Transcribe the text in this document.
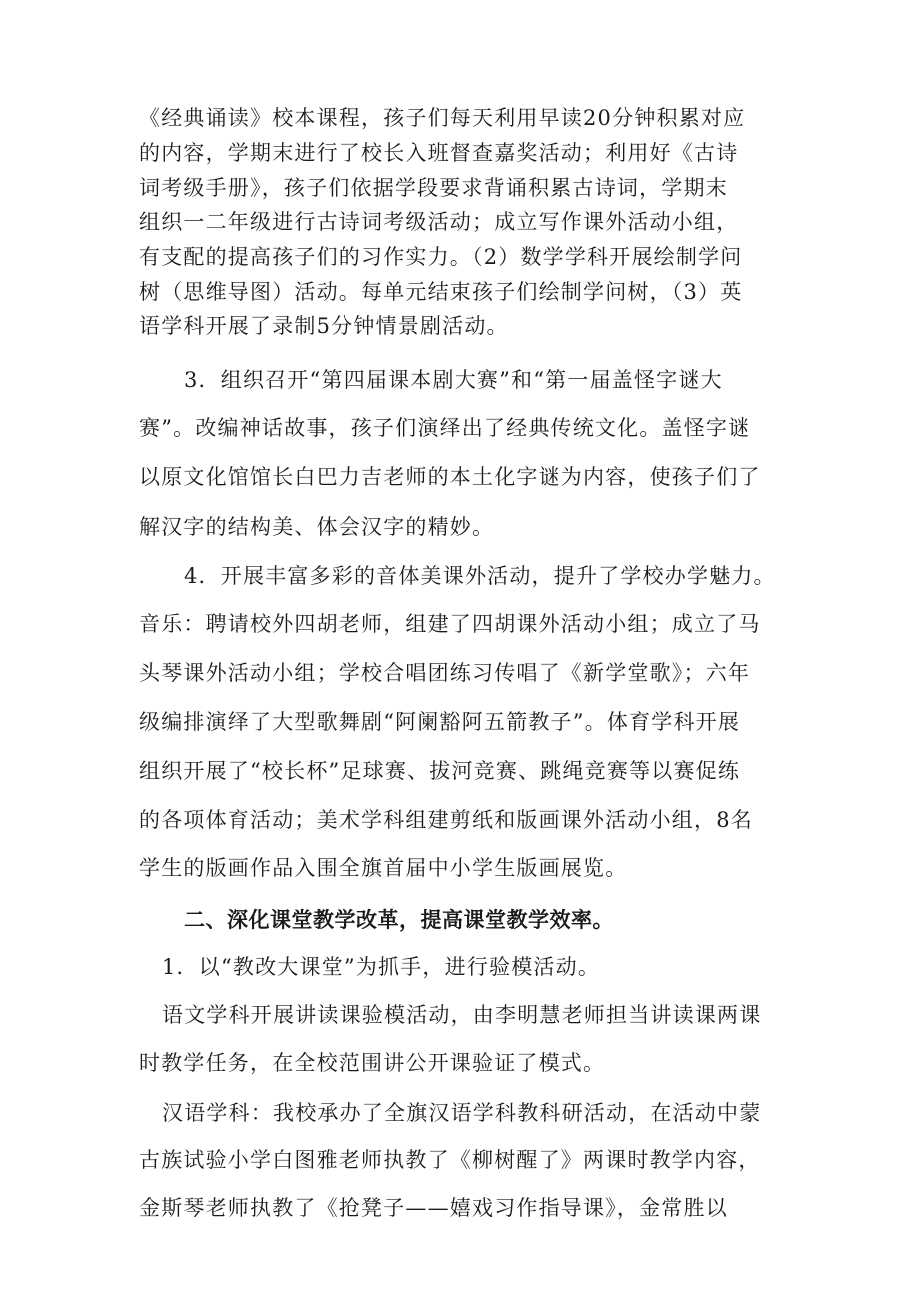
《经典诵读》校本课程，孩子们每天利用早读20分钟积累对应
的内容，学期末进行了校长入班督查嘉奖活动；利用好《古诗
词考级手册》，孩子们依据学段要求背诵积累古诗词，学期末
组织一二年级进行古诗词考级活动；成立写作课外活动小组，
有支配的提高孩子们的习作实力。（2）数学学科开展绘制学问
树（思维导图）活动。每单元结束孩子们绘制学问树，（3）英
语学科开展了录制5分钟情景剧活动。
3．组织召开“第四届课本剧大赛”和“第一届盖怪字谜大
赛”。改编神话故事，孩子们演绎出了经典传统文化。盖怪字谜
以原文化馆馆长白巴力吉老师的本土化字谜为内容，使孩子们了
解汉字的结构美、体会汉字的精妙。
4．开展丰富多彩的音体美课外活动，提升了学校办学魅力。
音乐：聘请校外四胡老师，组建了四胡课外活动小组；成立了马
头琴课外活动小组；学校合唱团练习传唱了《新学堂歌》；六年
级编排演绎了大型歌舞剧“阿阑豁阿五箭教子”。体育学科开展
组织开展了“校长杯”足球赛、拔河竞赛、跳绳竞赛等以赛促练
的各项体育活动；美术学科组建剪纸和版画课外活动小组，8名
学生的版画作品入围全旗首届中小学生版画展览。
二、深化课堂教学改革，提高课堂教学效率。
1．以“教改大课堂”为抓手，进行验模活动。
语文学科开展讲读课验模活动，由李明慧老师担当讲读课两课
时教学任务，在全校范围讲公开课验证了模式。
汉语学科：我校承办了全旗汉语学科教科研活动，在活动中蒙
古族试验小学白图雅老师执教了《柳树醒了》两课时教学内容，
金斯琴老师执教了《抢凳子——嬉戏习作指导课》，金常胜以
